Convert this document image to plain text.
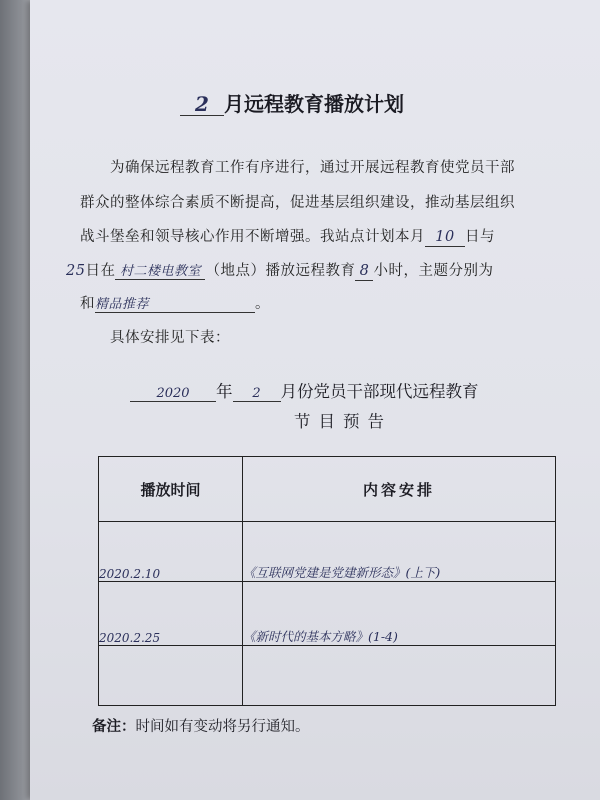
2 月远程教育播放计划
为确保远程教育工作有序进行，通过开展远程教育使党员干部
群众的整体综合素质不断提高，促进基层组织建设，推动基层组织
战斗堡垒和领导核心作用不断增强。我站点计划本月 10 日与
25日在 村二楼电教室 （地点）播放远程教育 8 小时，主题分别为
和精品推荐	。
具体安排见下表：
2020 年 2 月份党员干部现代远程教育
节目预告
播放时间	内容安排
2020.2.10	《互联网党建是党建新形态》(上下)
2020.2.25	《新时代的基本方略》(1-4)

备注：时间如有变动将另行通知。
